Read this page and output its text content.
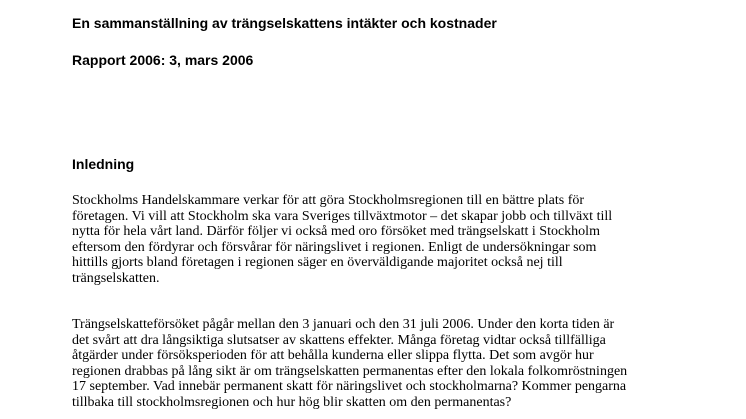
En sammanställning av trängselskattens intäkter och kostnader

Rapport 2006: 3, mars 2006

Inledning
Stockholms Handelskammare verkar för att göra Stockholmsregionen till en bättre plats för
företagen. Vi vill att Stockholm ska vara Sveriges tillväxtmotor – det skapar jobb och tillväxt till
nytta för hela vårt land. Därför följer vi också med oro försöket med trängselskatt i Stockholm
eftersom den fördyrar och försvårar för näringslivet i regionen. Enligt de undersökningar som
hittills gjorts bland företagen i regionen säger en överväldigande majoritet också nej till
trängselskatten.
Trängselskatteförsöket pågår mellan den 3 januari och den 31 juli 2006. Under den korta tiden är
det svårt att dra långsiktiga slutsatser av skattens effekter. Många företag vidtar också tillfälliga
åtgärder under försöksperioden för att behålla kunderna eller slippa flytta. Det som avgör hur
regionen drabbas på lång sikt är om trängselskatten permanentas efter den lokala folkomröstningen
17 september. Vad innebär permanent skatt för näringslivet och stockholmarna? Kommer pengarna
tillbaka till stockholmsregionen och hur hög blir skatten om den permanentas?
